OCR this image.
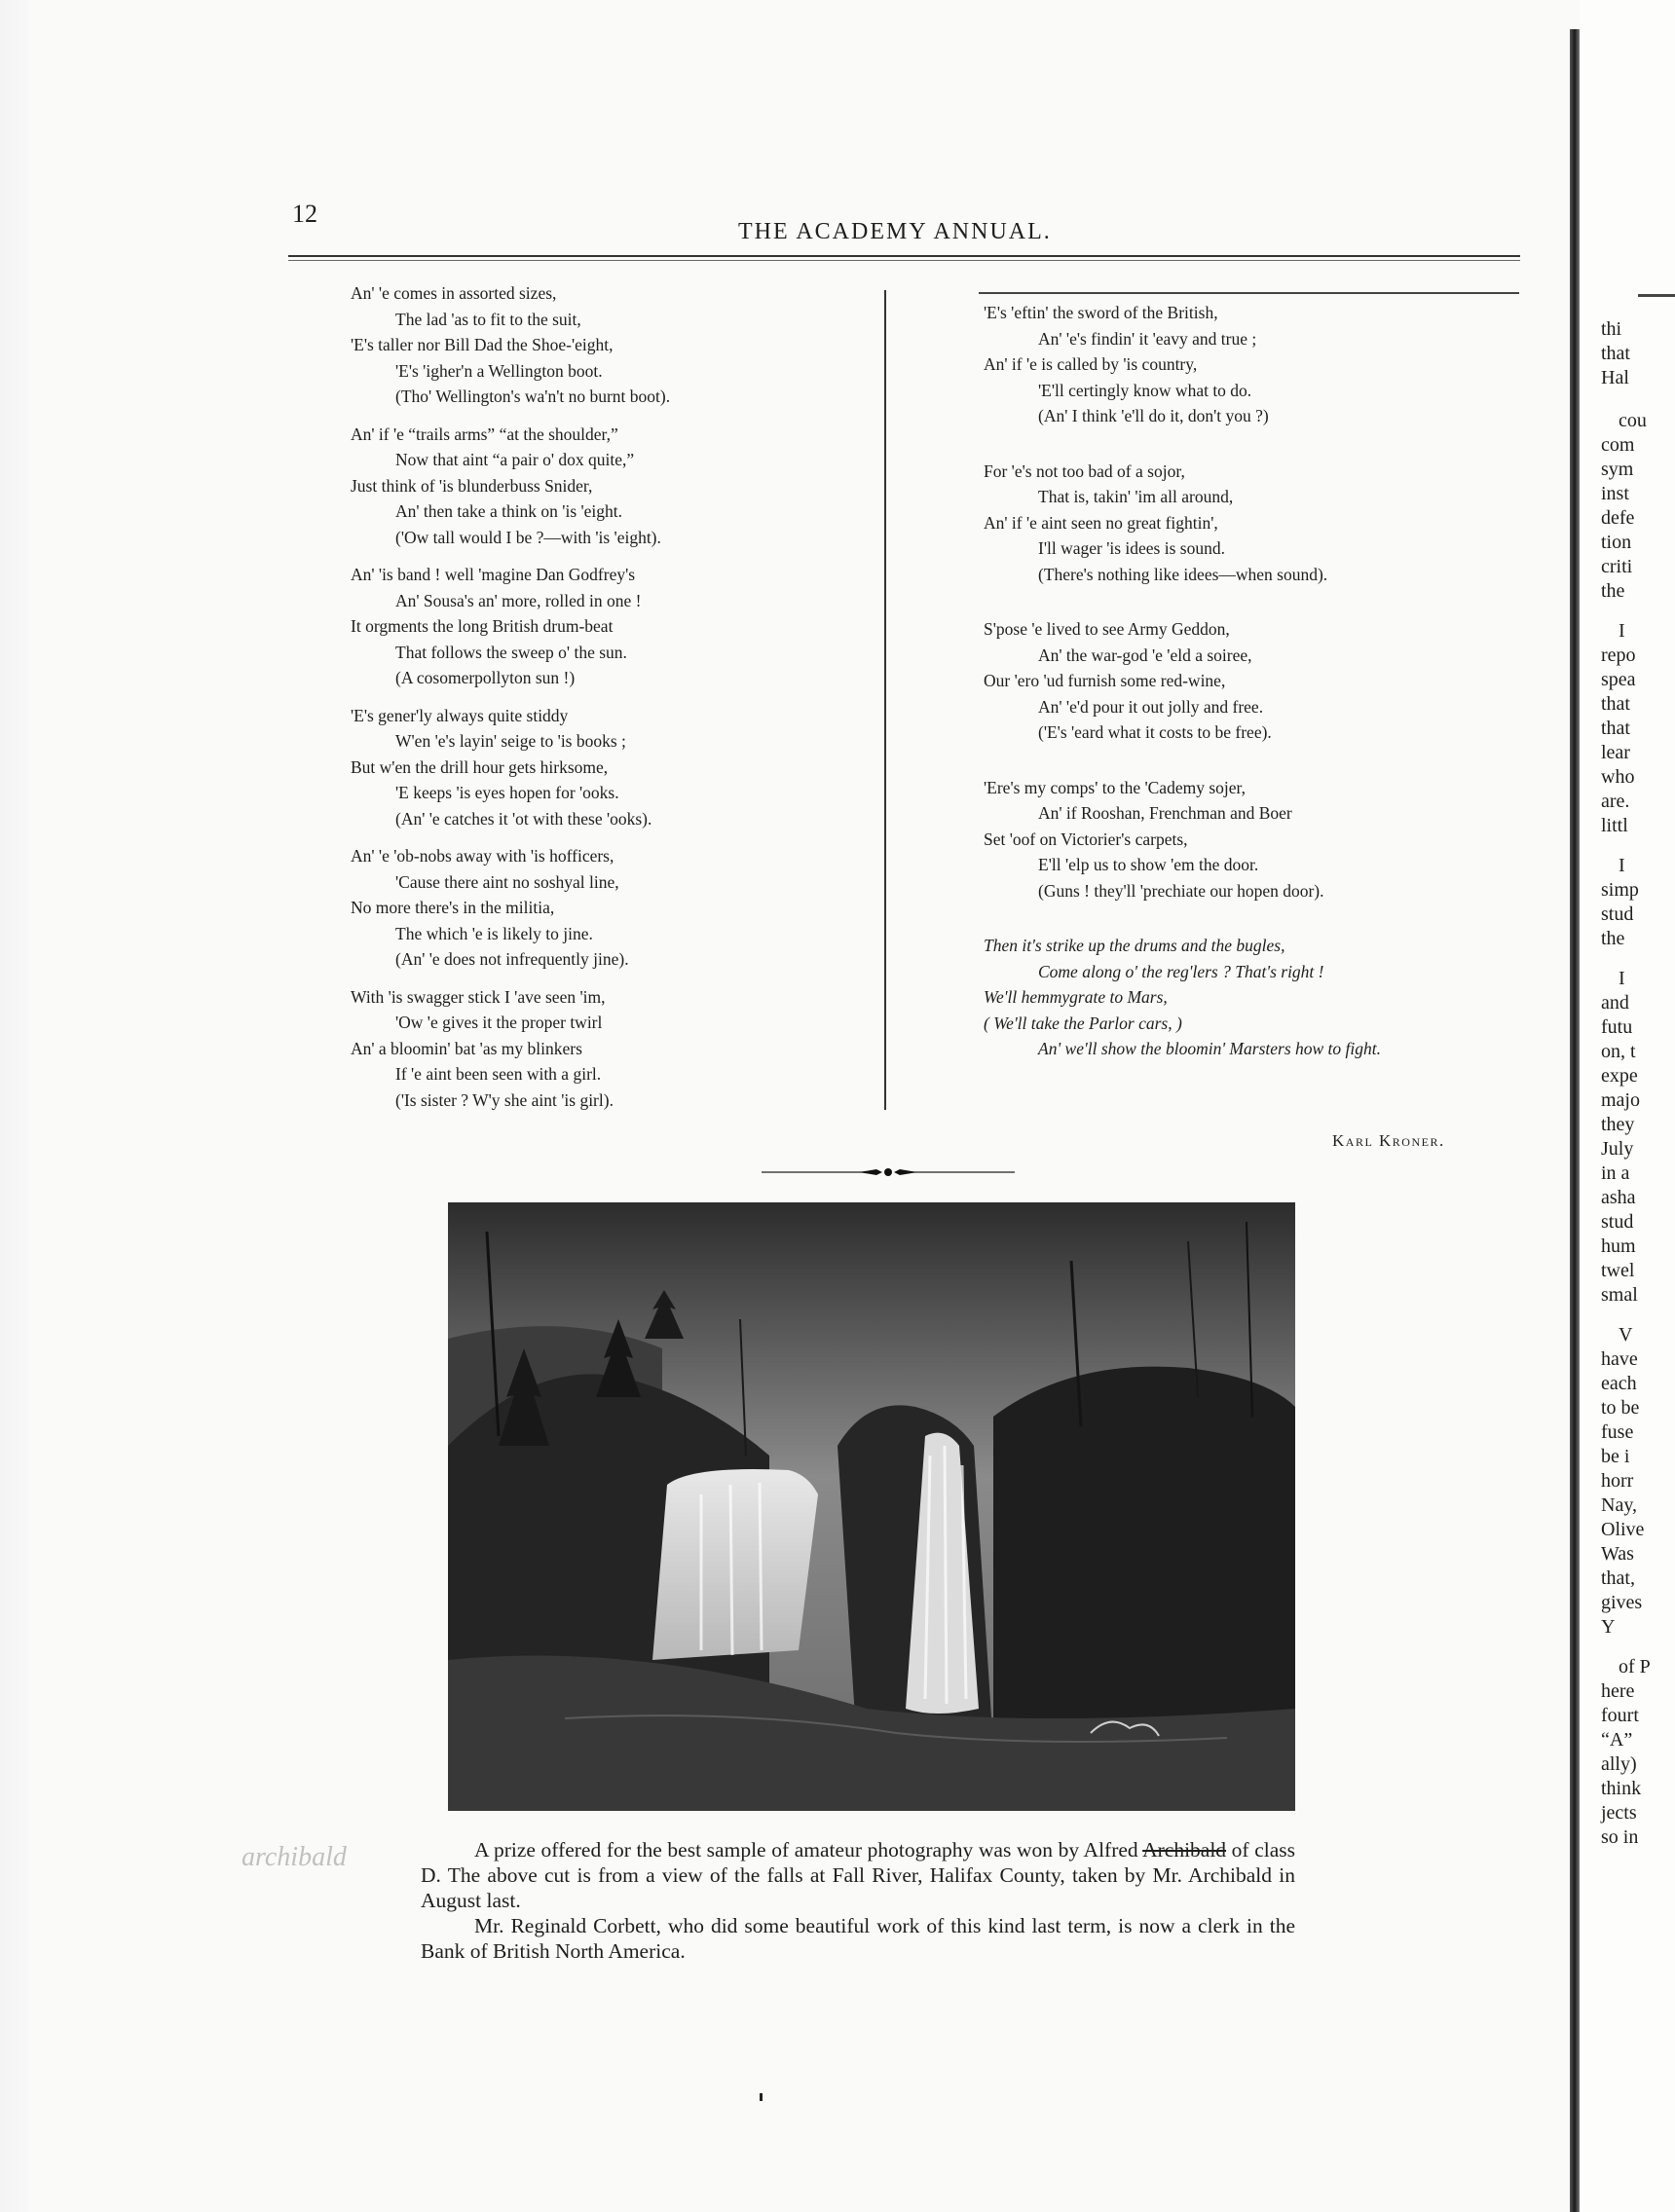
12
THE ACADEMY ANNUAL.
An' 'e comes in assorted sizes,
The lad 'as to fit to the suit,
'E's taller nor Bill Dad the Shoe-'eight,
'E's 'igher'n a Wellington boot.
(Tho' Wellington's wa'n't no burnt boot).
An' if 'e “trails arms” “at the shoulder,”
Now that aint “a pair o' dox quite,”
Just think of 'is blunderbuss Snider,
An' then take a think on 'is 'eight.
('Ow tall would I be ?—with 'is 'eight).
An' 'is band ! well 'magine Dan Godfrey's
An' Sousa's an' more, rolled in one !
It orgments the long British drum-beat
That follows the sweep o' the sun.
(A cosomerpollyton sun !)
'E's gener'ly always quite stiddy
W'en 'e's layin' seige to 'is books ;
But w'en the drill hour gets hirksome,
'E keeps 'is eyes hopen for 'ooks.
(An' 'e catches it 'ot with these 'ooks).
An' 'e 'ob-nobs away with 'is hofficers,
'Cause there aint no soshyal line,
No more there's in the militia,
The which 'e is likely to jine.
(An' 'e does not infrequently jine).
With 'is swagger stick I 'ave seen 'im,
'Ow 'e gives it the proper twirl
An' a bloomin' bat 'as my blinkers
If 'e aint been seen with a girl.
('Is sister ? W'y she aint 'is girl).
'E's 'eftin' the sword of the British,
An' 'e's findin' it 'eavy and true ;
An' if 'e is called by 'is country,
'E'll certingly know what to do.
(An' I think 'e'll do it, don't you ?)
For 'e's not too bad of a sojor,
That is, takin' 'im all around,
An' if 'e aint seen no great fightin',
I'll wager 'is idees is sound.
(There's nothing like idees—when sound).
S'pose 'e lived to see Army Geddon,
An' the war-god 'e 'eld a soiree,
Our 'ero 'ud furnish some red-wine,
An' 'e'd pour it out jolly and free.
('E's 'eard what it costs to be free).
'Ere's my comps' to the 'Cademy sojer,
An' if Rooshan, Frenchman and Boer
Set 'oof on Victorier's carpets,
E'll 'elp us to show 'em the door.
(Guns ! they'll 'prechiate our hopen door).
Then it's strike up the drums and the bugles,
Come along o' the reg'lers ? That's right !
We'll hemmygrate to Mars,
( We'll take the Parlor cars, )
An' we'll show the bloomin' Marsters how to fight.
Karl Kroner.
archibald	A prize offered for the best sample of amateur photography was won by Alfred Archibald of class D. The above cut is from a view of the falls at Fall River, Halifax County, taken by Mr. Archibald in August last.

Mr. Reginald Corbett, who did some beautiful work of this kind last term, is now a clerk in the Bank of British North America.

thi
that
Hal
cou
com
sym
inst
defe
tion
criti
the
I
repo
spea
that
that
lear
who
are.
littl
I
simp
stud
the
I
and
futu
on, t
expe
majo
they
July
in a
asha
stud
hum
twel
smal
V
have
each
to be
fuse
be i
horr
Nay,
Olive
Was
that,
gives
Y
of P
here
fourt
“A”
ally)
think
jects
so in
